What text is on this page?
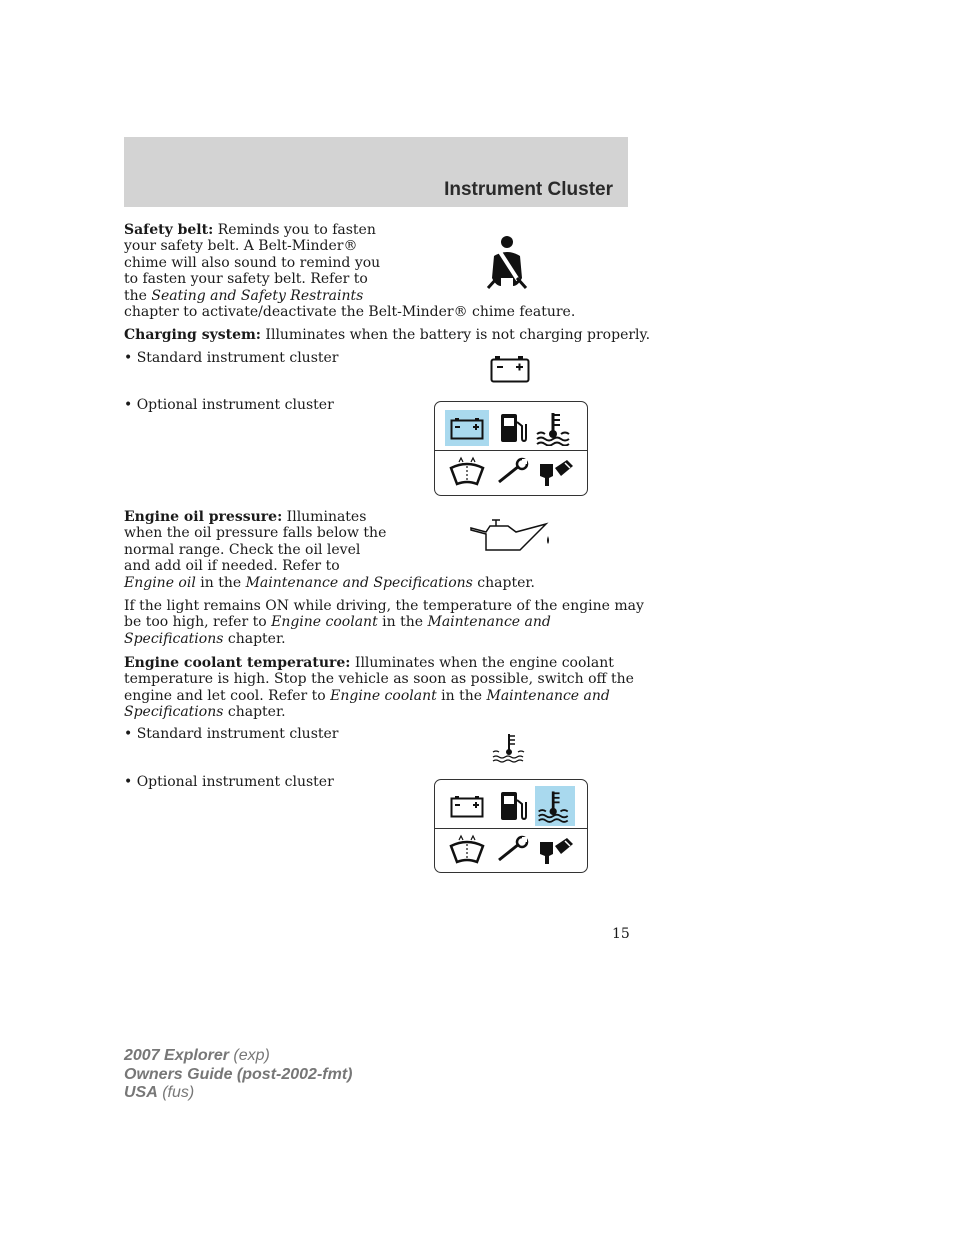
Instrument Cluster
Safety belt: Reminds you to fasten
your safety belt. A Belt-Minder®
chime will also sound to remind you
to fasten your safety belt. Refer to
the Seating and Safety Restraints
chapter to activate/deactivate the Belt-Minder® chime feature.
Charging system: Illuminates when the battery is not charging properly.
• Standard instrument cluster
• Optional instrument cluster
Engine oil pressure: Illuminates
when the oil pressure falls below the
normal range. Check the oil level
and add oil if needed. Refer to
Engine oil in the Maintenance and Specifications chapter.
If the light remains ON while driving, the temperature of the engine may
be too high, refer to Engine coolant in the Maintenance and
Specifications chapter.
Engine coolant temperature: Illuminates when the engine coolant
temperature is high. Stop the vehicle as soon as possible, switch off the
engine and let cool. Refer to Engine coolant in the Maintenance and
Specifications chapter.
• Standard instrument cluster
• Optional instrument cluster
15
2007 Explorer (exp)
Owners Guide (post-2002-fmt)
USA (fus)
